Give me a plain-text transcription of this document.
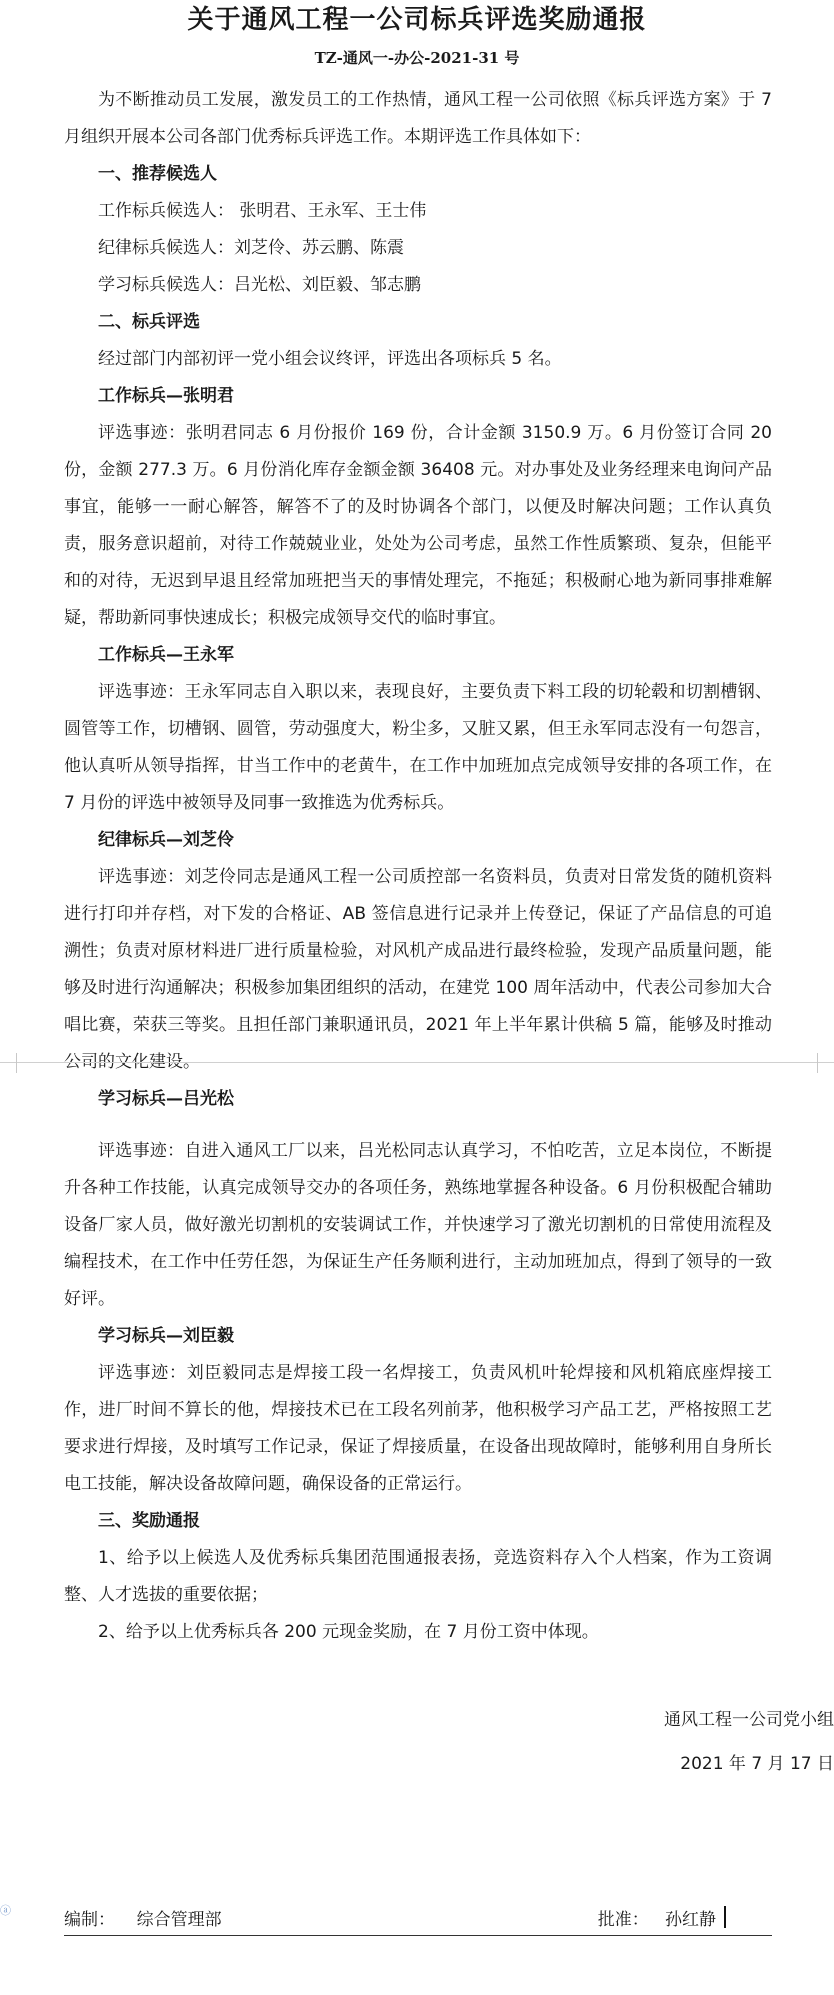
关于通风工程一公司标兵评选奖励通报
TZ-通风一-办公-2021-31 号

为不断推动员工发展，激发员工的工作热情，通风工程一公司依照《标兵评选方案》于 7 月组织开展本公司各部门优秀标兵评选工作。本期评选工作具体如下：

一、推荐候选人

工作标兵候选人： 张明君、王永军、王士伟

纪律标兵候选人：刘芝伶、苏云鹏、陈震

学习标兵候选人：吕光松、刘臣毅、邹志鹏

二、标兵评选

经过部门内部初评一党小组会议终评，评选出各项标兵 5 名。

工作标兵—张明君

评选事迹：张明君同志 6 月份报价 169 份，合计金额 3150.9 万。6 月份签订合同 20 份，金额 277.3 万。6 月份消化库存金额金额 36408 元。对办事处及业务经理来电询问产品事宜，能够一一耐心解答，解答不了的及时协调各个部门，以便及时解决问题；工作认真负责，服务意识超前，对待工作兢兢业业，处处为公司考虑，虽然工作性质繁琐、复杂，但能平和的对待，无迟到早退且经常加班把当天的事情处理完，不拖延；积极耐心地为新同事排难解疑，帮助新同事快速成长；积极完成领导交代的临时事宜。

工作标兵—王永军

评选事迹：王永军同志自入职以来，表现良好，主要负责下料工段的切轮毂和切割槽钢、圆管等工作，切槽钢、圆管，劳动强度大，粉尘多，又脏又累，但王永军同志没有一句怨言，他认真听从领导指挥，甘当工作中的老黄牛，在工作中加班加点完成领导安排的各项工作，在 7 月份的评选中被领导及同事一致推选为优秀标兵。

纪律标兵—刘芝伶

评选事迹：刘芝伶同志是通风工程一公司质控部一名资料员，负责对日常发货的随机资料进行打印并存档，对下发的合格证、AB 签信息进行记录并上传登记，保证了产品信息的可追溯性；负责对原材料进厂进行质量检验，对风机产成品进行最终检验，发现产品质量问题，能够及时进行沟通解决；积极参加集团组织的活动，在建党 100 周年活动中，代表公司参加大合唱比赛，荣获三等奖。且担任部门兼职通讯员，2021 年上半年累计供稿 5 篇，能够及时推动公司的文化建设。

学习标兵—吕光松

评选事迹：自进入通风工厂以来，吕光松同志认真学习，不怕吃苦，立足本岗位，不断提升各种工作技能，认真完成领导交办的各项任务，熟练地掌握各种设备。6 月份积极配合辅助设备厂家人员，做好激光切割机的安装调试工作，并快速学习了激光切割机的日常使用流程及编程技术，在工作中任劳任怨，为保证生产任务顺利进行，主动加班加点，得到了领导的一致好评。

学习标兵—刘臣毅

评选事迹：刘臣毅同志是焊接工段一名焊接工，负责风机叶轮焊接和风机箱底座焊接工作，进厂时间不算长的他，焊接技术已在工段名列前茅，他积极学习产品工艺，严格按照工艺要求进行焊接，及时填写工作记录，保证了焊接质量，在设备出现故障时，能够利用自身所长电工技能，解决设备故障问题，确保设备的正常运行。

三、奖励通报

1、给予以上候选人及优秀标兵集团范围通报表扬，竞选资料存入个人档案，作为工资调整、人才选拔的重要依据；

2、给予以上优秀标兵各 200 元现金奖励，在 7 月份工资中体现。

通风工程一公司党小组
2021 年 7 月 17 日
ⓐ	编制： 综合管理部	批准： 孙红静
